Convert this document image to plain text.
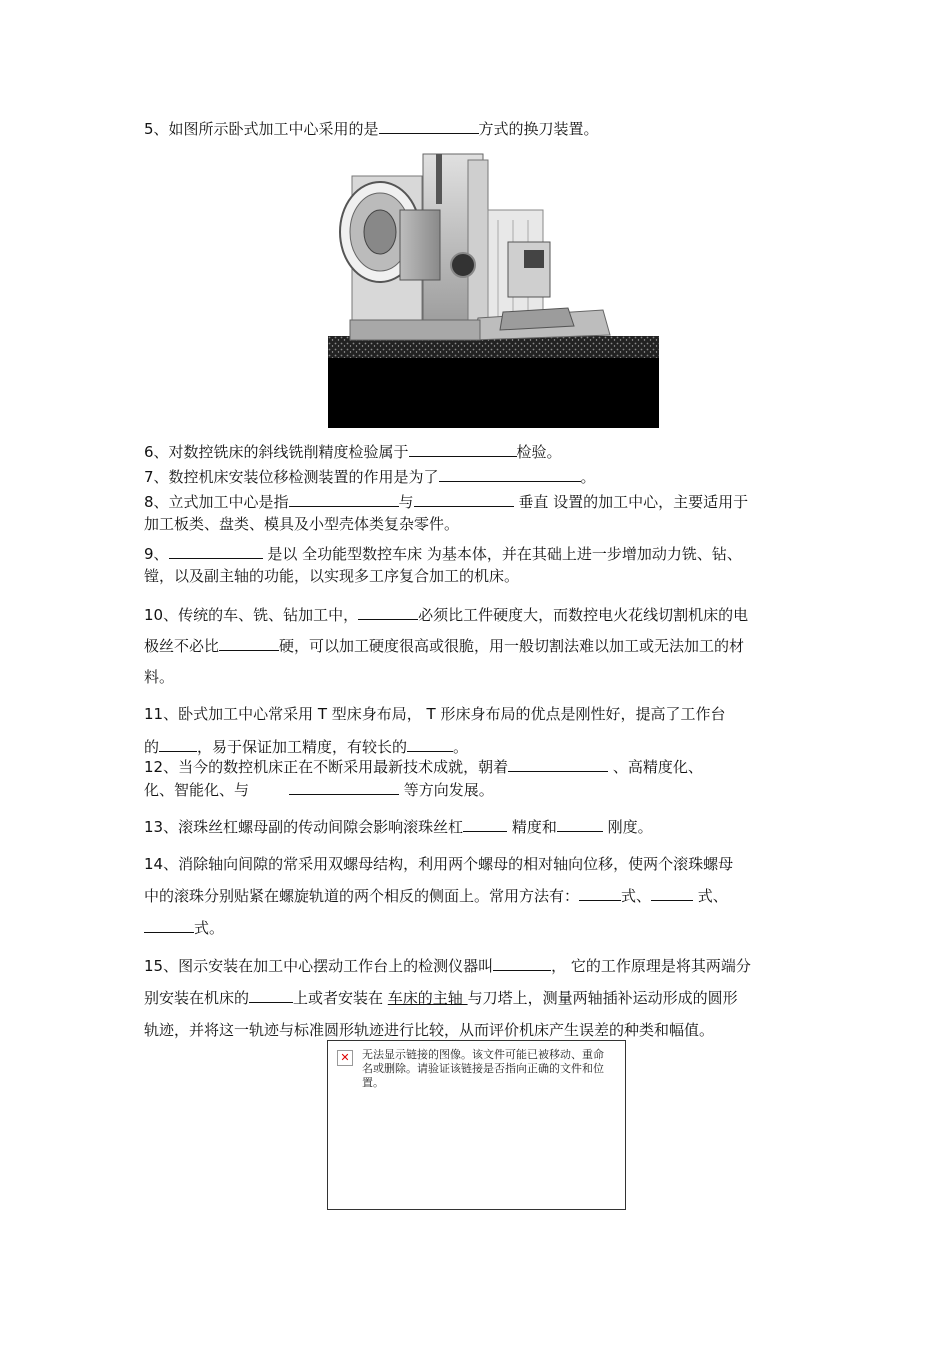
5、如图所示卧式加工中心采用的是	方式的换刀装置。

6、对数控铣床的斜线铣削精度检验属于	检验。

7、数控机床安装位移检测装置的作用是为了	。

8、立式加工中心是指	与	垂直 设置的加工中心，主要适用于
加工板类、盘类、模具及小型壳体类复杂零件。

9、	是以 全功能型数控车床 为基本体，并在其础上进一步增加动力铣、钻、
镗，以及副主轴的功能，以实现多工序复合加工的机床。

10、传统的车、铣、钻加工中，	必须比工件硬度大，而数控电火花线切割机床的电
极丝不必比	硬，可以加工硬度很高或很脆，用一般切割法难以加工或无法加工的材
料。

11、卧式加工中心常采用 T 型床身布局， T 形床身布局的优点是刚性好，提高了工作台
的	，易于保证加工精度，有较长的	。

12、当今的数控机床正在不断采用最新技术成就，朝着	、高精度化、
化、智能化、与	等方向发展。

13、滚珠丝杠螺母副的传动间隙会影响滚珠丝杠	精度和	刚度。

14、消除轴向间隙的常采用双螺母结构，利用两个螺母的相对轴向位移，使两个滚珠螺母
中的滚珠分别贴紧在螺旋轨道的两个相反的侧面上。常用方法有：	式、	式、
式。

15、图示安装在加工中心摆动工作台上的检测仪器叫	， 它的工作原理是将其两端分
别安装在机床的	上或者安装在 车床的主轴 与刀塔上，测量两轴插补运动形成的圆形
轨迹，并将这一轨迹与标准圆形轨迹进行比较，从而评价机床产生误差的种类和幅值。

✕	无法显示链接的图像。该文件可能已被移动、重命名或删除。请验证该链接是否指向正确的文件和位置。
